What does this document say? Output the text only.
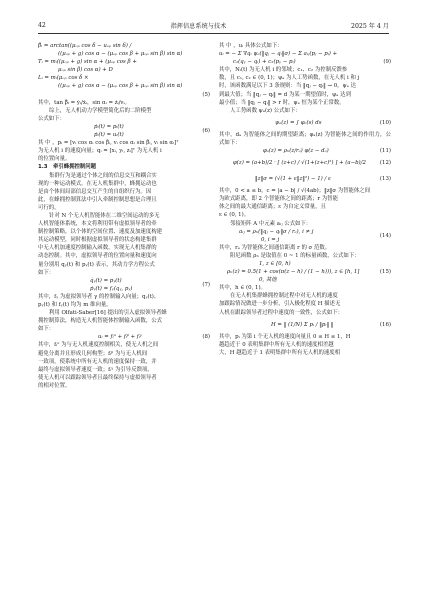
42	指挥信息系统与技术	2025 年 4 月
β̄ᵢ = arctan((μₒₚ cos δ − uₒₚ sin δ) /
((μₒₚ + g) cos α − (μₒₚ cos β + μₒₚ sin β) sin α)
Tᵢ = mᵢ((μₒₚ + g) sin α + (μₒₚ cos β +
μₒₚ sin β) cos α) + D
Lᵢ = mᵢ(μₒₚ cos δ ×
((μₒₚ + g) cos α − (μₒₚ cos β + μₒₚ sin β) sin α)

(5)
其中，tan β̄ᵢ = ẏᵢ/ẋᵢ，sin αᵢ = żᵢ/vᵢ。
综上，无人机动力学模型简化后的二阶模型
公式如下：
ṗᵢ(t) = pᵢ(t)
ṗᵢ(t) = uᵢ(t)
(6)
其 中 ，pᵢ = [vᵢ cos αᵢ cos β̄ᵢ, vᵢ cos αᵢ sin β̄ᵢ, vᵢ sin αᵢ]ᵀ
为无人机 i 的速度向量；qᵢ = [xᵢ, yᵢ, zᵢ]ᵀ 为无人机 i
的位置向量。
1.3　牵引蜂拥控制问题
集群行为是通过个体之间的信息交互和耦合实
现的一种运动模式。在无人机集群中，蜂拥运动也
是由个体间局部信息交互产生的自组织行为。因
此，在蜂拥控制算法中引入牵制控制思想是合理且
可行的。
针对 N 个无人机智能体在二维空间运动的多无
人机智能体系统，本文将利用带有虚拟领导者的牵
制控制策略，以个体的空间位置、速度及加速度构建
其运动模型，同时根据虚拟领导者的状态构建集群
中无人机加速度控制输入函数，实现无人机集群的
动态控制。其中，虚拟领导者的位置向量和速度向
量分别用 qᵧ(t) 和 pᵧ(t) 表示，其动力学方程公式
如下：
q̇ᵧ(t) = pᵧ(t)
ṗᵧ(t) = fᵧ(qᵧ, pᵧ)
(7)
其中，fᵧ 为虚拟领导者 γ 的控制输入向量；qᵧ(t)、
pᵧ(t) 和 fᵧ(t) 均为 m 维向量。
利用 Olfati-Saber[16] 提出的引入虚拟领导者蜂
拥控制算法，构造无人机智能体控制输入函数，公式
如下：
uᵢ = fᵢᵅ + fᵢᵝ + fᵢᵞ	(8)
其中，fᵢᵅ 为与无人机速度控制相关，使无人机之间
避免分离并且形成几何构型；fᵢᵝ 为与无人机间
一致项，使系统中所有无人机的速度保持一致，并
最终与虚拟领导者速度一致；fᵢᵞ 为引导反馈项，
使无人机可以跟踪领导者且最终保持与虚拟领导者
的相对位置。
其 中 ，uᵢ 具体公式如下：
uᵢ = − Σ ∇qᵢ ψₐ(‖qⱼ − qᵢ‖σ) − Σ aᵢⱼ(pⱼ − pᵢ) +
c₁(qᵧ − qᵢ) + c₂(pᵧ − pᵢ)	(9)
其中，Nᵢ(t) 为无人机 i 的邻域；c₁、c₂ 为控制反馈参
数，且 c₁, c₂ ∈ (0, 1)；ψₐ 为人工势函数，在无人机 i 和 j
时，该函数满足以下 3 条规则：当 ‖qⱼ − qᵢ‖ → 0，ψₐ 达
到最大值；当 ‖qⱼ − qᵢ‖ = d 为某一期望值时，ψₐ 达到
最小值；当 ‖qⱼ − qᵢ‖ > r 时，ψₐ 恒为某个正常数。
人工势函数 ψₐ(z) 公式如下：
ψₐ(z) = ∫ φₐ(s) ds	(10)
其中，dₐ 为智能体之间的期望距离；φₐ(z) 为智能体之间的作用力，公式如下：
φₐ(z) = ρₕ(z/rₐ) φ(z − dₐ)	(11)
φ(z) = (a+b)/2 · [ (z+c) / √(1+(z+c)²) ] + (a−b)/2	(12)
‖z‖σ = (√(1 + ε‖z‖²) − 1) / ε	(13)
其中，0 < a ≤ b，c = |a − b| / √(4ab)；‖z‖σ 为智能体之间
为欧式距离，即 2 个智能体之间的距离；r 为智能
体之间的最大通信距离；ε 为自定义常量，且
ε ∈ (0, 1)。
邻接矩阵 A 中元素 aᵢⱼ 公式如下：
aᵢⱼ = ρₕ(‖qⱼ − qᵢ‖σ / rₐ), i ≠ j
0, i = j
(14)
其中，rₐ 为智能体之间通信距离 r 的 σ 范数。
阻尼函数 ρₕ 是取值在 0 ~ 1 的标量函数，公式如下：
1, z ∈ [0, h)
ρₕ(z) = 0.5(1 + cos(π(z − h) / (1 − h))), z ∈ [h, 1]
0, 其他
(15)
其中，h ∈ (0, 1)。
在无人机集群蜂拥控制过程中对无人机的速度
加跟踪情况做进一步分析，引入极化程度 H 描述无
人机在跟踪领导者过程中速度的一致性，公式如下：
H = ‖ (1/N) Σ pᵢ / ‖pᵢ‖ ‖	(16)
其中，pᵢ 为第 i 个无人机的速度向量且 0 ≤ H ≤ 1，H
越趋近于 0 表明集群中所有无人机的速度相差越
大，H 越趋近于 1 表明集群中所有无人机的速度相
